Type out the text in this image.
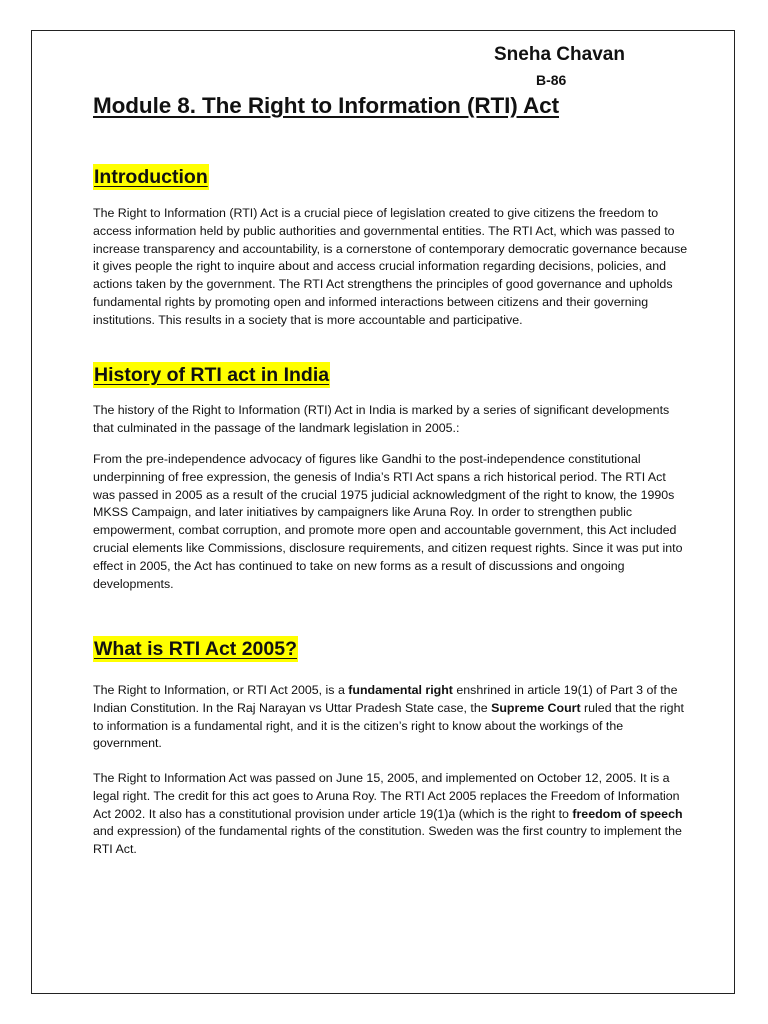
Sneha Chavan
B-86
Module 8. The Right to Information (RTI) Act
Introduction

The Right to Information (RTI) Act is a crucial piece of legislation created to give citizens the freedom to access information held by public authorities and governmental entities. The RTI Act, which was passed to increase transparency and accountability, is a cornerstone of contemporary democratic governance because it gives people the right to inquire about and access crucial information regarding decisions, policies, and actions taken by the government. The RTI Act strengthens the principles of good governance and upholds fundamental rights by promoting open and informed interactions between citizens and their governing institutions. This results in a society that is more accountable and participative.

History of RTI act in India

The history of the Right to Information (RTI) Act in India is marked by a series of significant developments that culminated in the passage of the landmark legislation in 2005.:

From the pre-independence advocacy of figures like Gandhi to the post-independence constitutional underpinning of free expression, the genesis of India’s RTI Act spans a rich historical period. The RTI Act was passed in 2005 as a result of the crucial 1975 judicial acknowledgment of the right to know, the 1990s MKSS Campaign, and later initiatives by campaigners like Aruna Roy. In order to strengthen public empowerment, combat corruption, and promote more open and accountable government, this Act included crucial elements like Commissions, disclosure requirements, and citizen request rights. Since it was put into effect in 2005, the Act has continued to take on new forms as a result of discussions and ongoing developments.

What is RTI Act 2005?

The Right to Information, or RTI Act 2005, is a fundamental right enshrined in article 19(1) of Part 3 of the Indian Constitution. In the Raj Narayan vs Uttar Pradesh State case, the Supreme Court ruled that the right to information is a fundamental right, and it is the citizen’s right to know about the workings of the government.

The Right to Information Act was passed on June 15, 2005, and implemented on October 12, 2005. It is a legal right. The credit for this act goes to Aruna Roy. The RTI Act 2005 replaces the Freedom of Information Act 2002. It also has a constitutional provision under article 19(1)a (which is the right to freedom of speech and expression) of the fundamental rights of the constitution. Sweden was the first country to implement the RTI Act.
